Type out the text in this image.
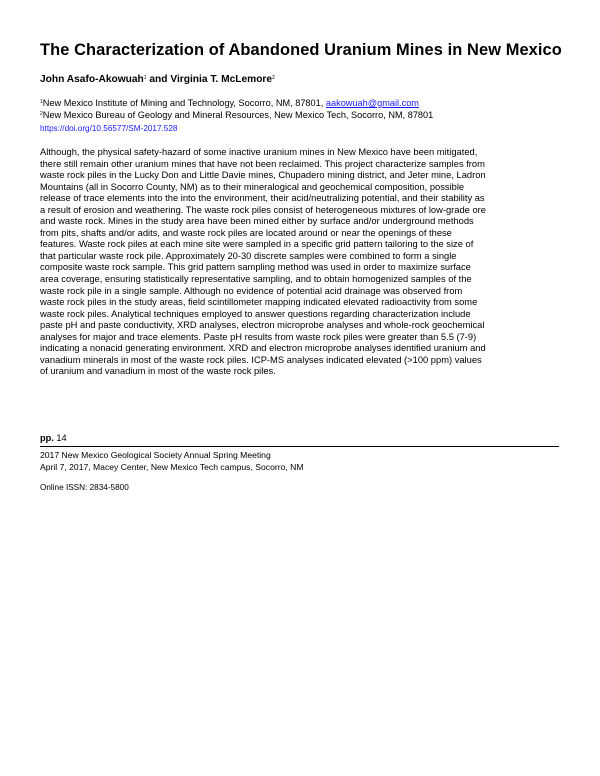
The Characterization of Abandoned Uranium Mines in New Mexico
John Asafo-Akowuah$^1$ and Virginia T. McLemore$^2$
$^1$New Mexico Institute of Mining and Technology, Socorro, NM, 87801, aakowuah@gmail.com
$^2$New Mexico Bureau of Geology and Mineral Resources, New Mexico Tech, Socorro, NM, 87801
https://doi.org/10.56577/SM-2017.528
Although, the physical safety-hazard of some inactive uranium mines in New Mexico have been mitigated,
there still remain other uranium mines that have not been reclaimed. This project characterize samples from
waste rock piles in the Lucky Don and Little Davie mines, Chupadero mining district, and Jeter mine, Ladron
Mountains (all in Socorro County, NM) as to their mineralogical and geochemical composition, possible
release of trace elements into the into the environment, their acid/neutralizing potential, and their stability as
a result of erosion and weathering. The waste rock piles consist of heterogeneous mixtures of low-grade ore
and waste rock. Mines in the study area have been mined either by surface and/or underground methods
from pits, shafts and/or adits, and waste rock piles are located around or near the openings of these
features. Waste rock piles at each mine site were sampled in a specific grid pattern tailoring to the size of
that particular waste rock pile. Approximately 20-30 discrete samples were combined to form a single
composite waste rock sample. This grid pattern sampling method was used in order to maximize surface
area coverage, ensuring statistically representative sampling, and to obtain homogenized samples of the
waste rock pile in a single sample. Although no evidence of potential acid drainage was observed from
waste rock piles in the study areas, field scintillometer mapping indicated elevated radioactivity from some
waste rock piles. Analytical techniques employed to answer questions regarding characterization include
paste pH and paste conductivity, XRD analyses, electron microprobe analyses and whole-rock geochemical
analyses for major and trace elements. Paste pH results from waste rock piles were greater than 5.5 (7-9)
indicating a nonacid generating environment. XRD and electron microprobe analyses identified uranium and
vanadium minerals in most of the waste rock piles. ICP-MS analyses indicated elevated (>100 ppm) values
of uranium and vanadium in most of the waste rock piles.
pp. 14
2017 New Mexico Geological Society Annual Spring Meeting
April 7, 2017, Macey Center, New Mexico Tech campus, Socorro, NM
Online ISSN: 2834-5800
